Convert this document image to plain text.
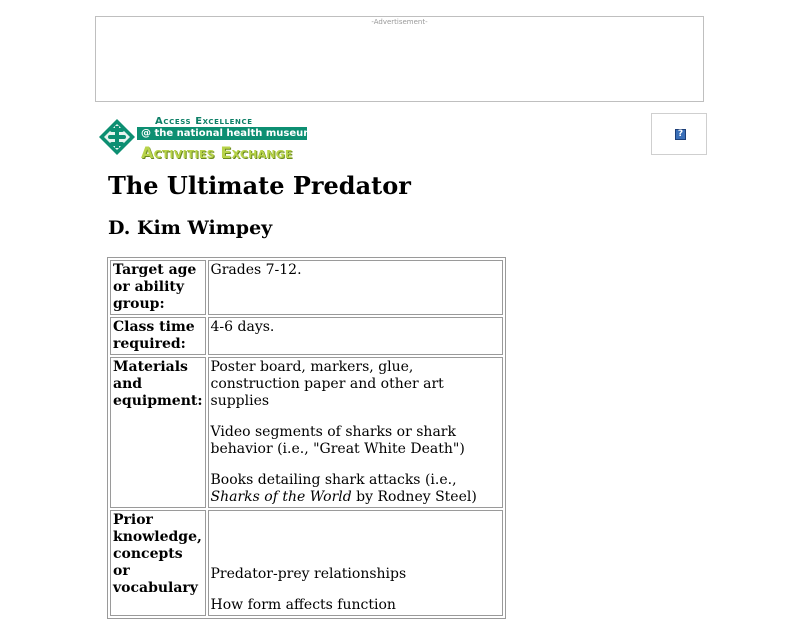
-Advertisement-
Access Excellence
@ the national health museum
Activities Exchange
?
The Ultimate Predator
D. Kim Wimpey
Target age or ability group:	Grades 7-12.
Class time required:	4-6 days.
Materials and equipment:	Poster board, markers, glue, construction paper and other art supplies

Video segments of sharks or shark behavior (i.e., "Great White Death")

Books detailing shark attacks (i.e., Sharks of the World by Rodney Steel)

Prior knowledge, concepts or vocabulary	Predator-prey relationships

How form affects function
